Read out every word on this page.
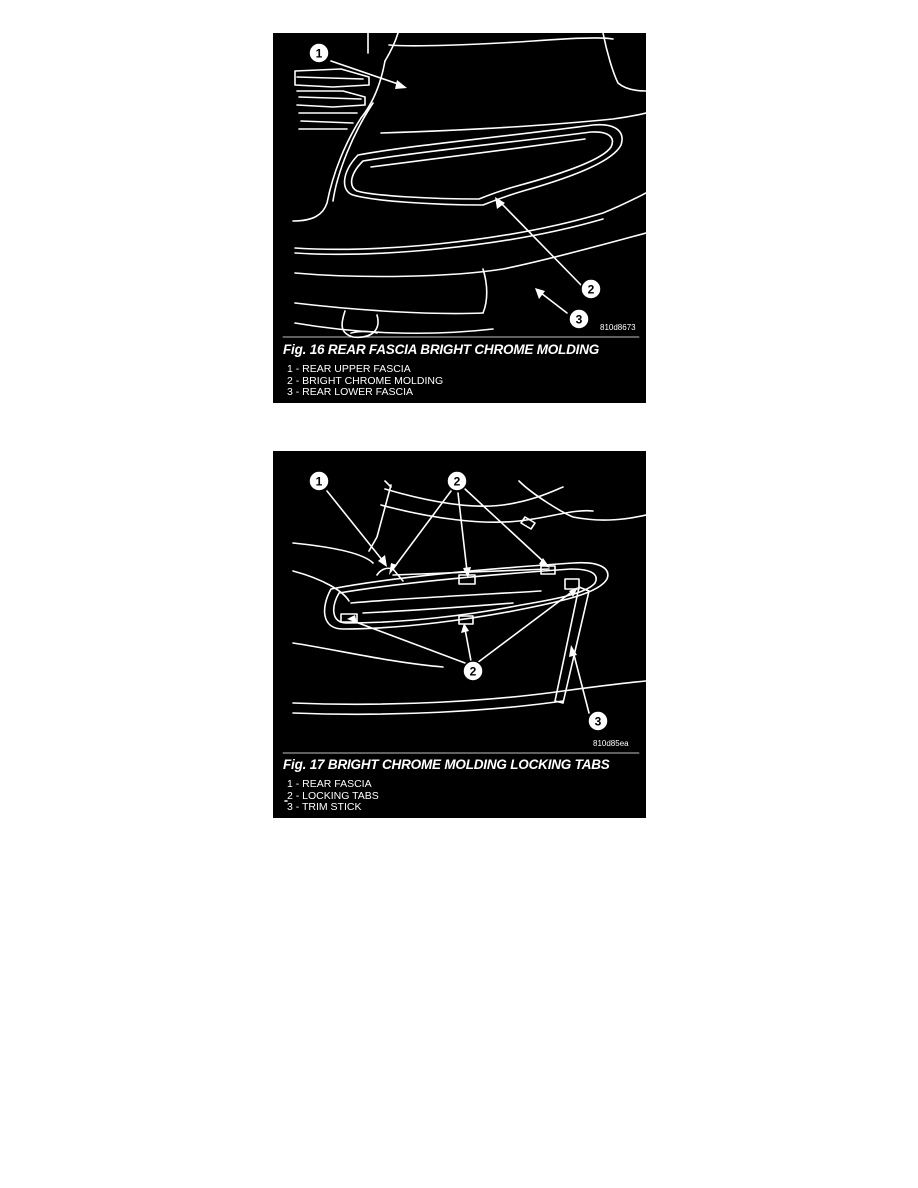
1
2
3
810d8673
Fig. 16 REAR FASCIA BRIGHT CHROME MOLDING
1 - REAR UPPER FASCIA
2 - BRIGHT CHROME MOLDING
3 - REAR LOWER FASCIA
1	2
2
3
810d85ea
Fig. 17 BRIGHT CHROME MOLDING LOCKING TABS
1 - REAR FASCIA
2 - LOCKING TABS
3 - TRIM STICK
